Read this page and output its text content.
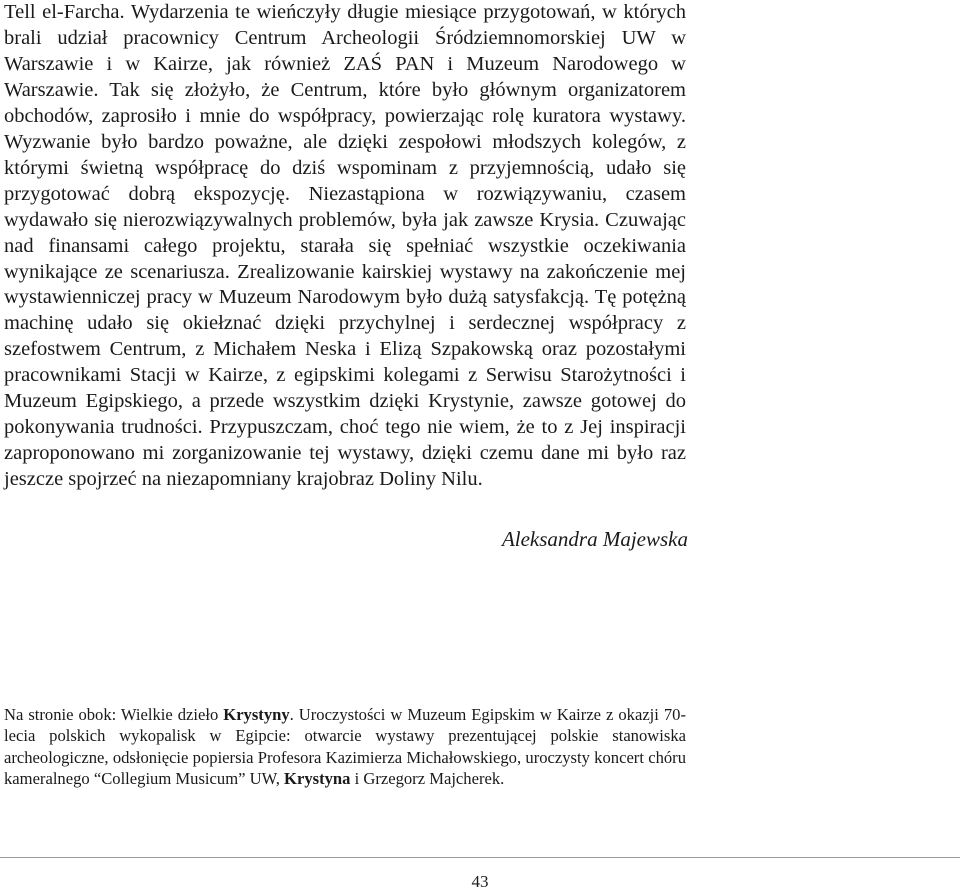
Tell el-Farcha. Wydarzenia te wieńczyły długie miesiące przygotowań, w których brali udział pracownicy Centrum Archeologii Śródziemnomorskiej UW w Warszawie i w Kairze, jak również ZAŚ PAN i Muzeum Narodowego w Warszawie. Tak się złożyło, że Centrum, które było głównym organizatorem obchodów, zaprosiło i mnie do współpracy, powierzając rolę kuratora wystawy. Wyzwanie było bardzo poważne, ale dzięki zespołowi młodszych kolegów, z którymi świetną współpracę do dziś wspominam z przyjemnością, udało się przygotować dobrą ekspozycję. Niezastąpiona w rozwiązywaniu, czasem wydawało się nierozwiązywalnych problemów, była jak zawsze Krysia. Czuwając nad finansami całego projektu, starała się spełniać wszystkie oczekiwania wynikające ze scenariusza. Zrealizowanie kairskiej wystawy na zakończenie mej wystawienniczej pracy w Muzeum Narodowym było dużą satysfakcją. Tę potężną machinę udało się okiełznać dzięki przychylnej i serdecznej współpracy z szefostwem Centrum, z Michałem Neska i Elizą Szpakowską oraz pozostałymi pracownikami Stacji w Kairze, z egipskimi kolegami z Serwisu Starożytności i Muzeum Egipskiego, a przede wszystkim dzięki Krystynie, zawsze gotowej do pokonywania trudności. Przypuszczam, choć tego nie wiem, że to z Jej inspiracji zaproponowano mi zorganizowanie tej wystawy, dzięki czemu dane mi było raz jeszcze spojrzeć na niezapomniany krajobraz Doliny Nilu.

Aleksandra Majewska

Na stronie obok: Wielkie dzieło Krystyny. Uroczystości w Muzeum Egipskim w Kairze z okazji 70-lecia polskich wykopalisk w Egipcie: otwarcie wystawy prezentującej polskie stanowiska archeologiczne, odsłonięcie popiersia Profesora Kazimierza Michałowskiego, uroczysty koncert chóru kameralnego “Collegium Musicum” UW, Krystyna i Grzegorz Majcherek.

43
